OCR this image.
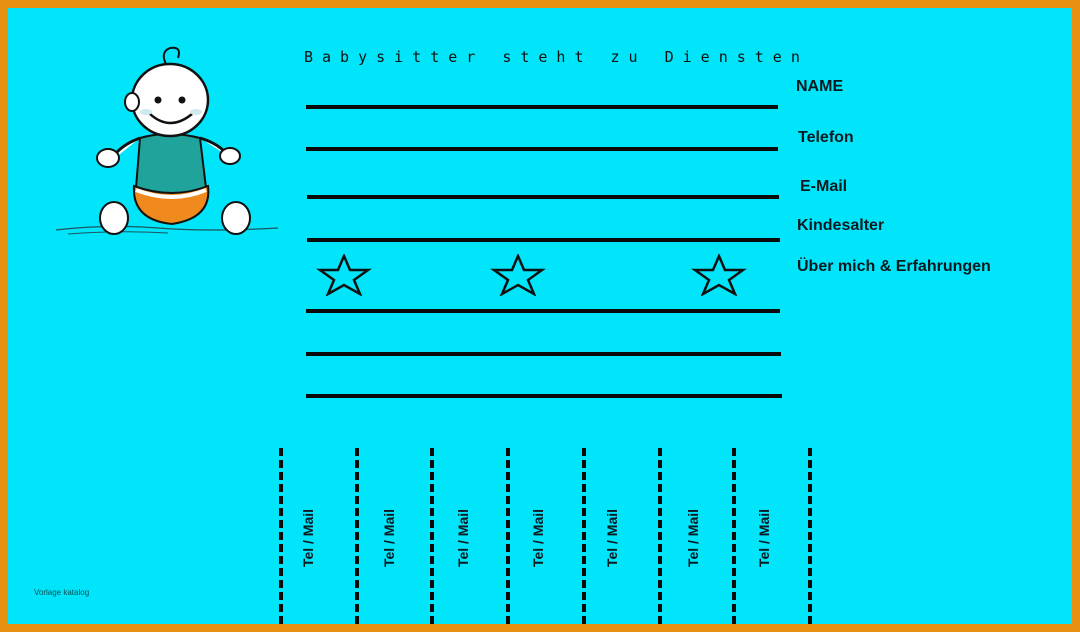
Babysitter steht zu Diensten
NAME
Telefon
E-Mail
Kindesalter
Über mich & Erfahrungen
Tel / Mail	Tel / Mail	Tel / Mail	Tel / Mail	Tel / Mail	Tel / Mail	Tel / Mail
Vorlage katalog
